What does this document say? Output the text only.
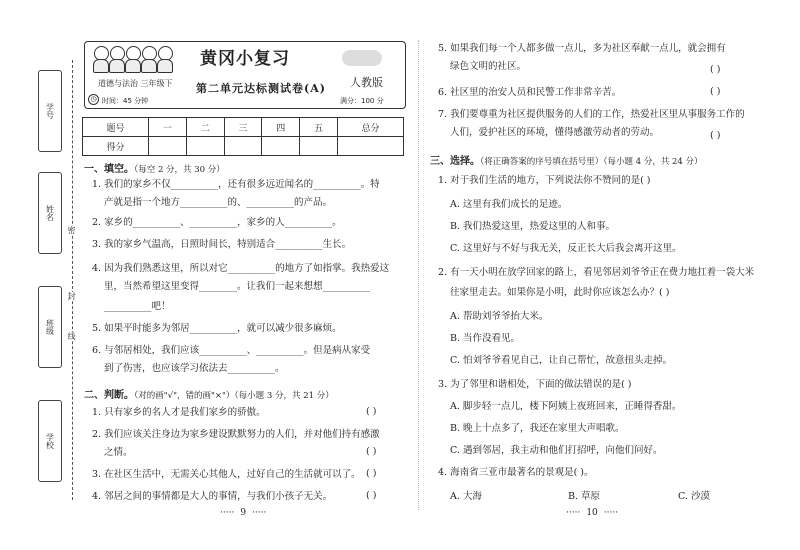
学号
姓名
班级
学校
密
封
线
黄冈小复习
道德与法治 三年级下 第二单元达标测试卷(A) 人教版
◷ 时间：45 分钟	满分：100 分
题号	一	二	三	四	五	总分
得分						
一、填空。（每空 2 分，共 30 分）
1. 我们的家乡不仅__________，还有很多远近闻名的__________。特
产就是指一个地方__________的、__________的产品。
2. 家乡的__________、__________，家乡的人__________。
3. 我的家乡气温高，日照时间长，特别适合__________生长。
4. 因为我们熟悉这里，所以对它__________的地方了如指掌。我热爱这
里，当然希望这里变得________。让我们一起来想想__________
__________吧！
5. 如果平时能多为邻居__________，就可以减少很多麻烦。
6. 与邻居相处，我们应该__________、__________。但是病从家受
到了伤害，也应该学习依法去__________。
二、判断。（对的画"√"，错的画"×"）（每小题 3 分，共 21 分）
1. 只有家乡的名人才是我们家乡的骄傲。	( )
2. 我们应该关注身边为家乡建设默默努力的人们，并对他们持有感激
之情。	( )
3. 在社区生活中，无需关心其他人，过好自己的生活就可以了。 ( )
4. 邻居之间的事情都是大人的事情，与我们小孩子无关。	( )
5. 如果我们每一个人都多做一点儿，多为社区奉献一点儿，就会拥有
绿色文明的社区。	( )
6. 社区里的治安人员和民警工作非常辛苦。	( )
7. 我们要尊重为社区提供服务的人们的工作，热爱社区里从事服务工作的
人们，爱护社区的环境，懂得感激劳动者的劳动。	( )
三、选择。（将正确答案的序号填在括号里）（每小题 4 分，共 24 分）
1. 对于我们生活的地方，下列说法你不赞同的是( )
A. 这里有我们成长的足迹。
B. 我们热爱这里，热爱这里的人和事。
C. 这里好与不好与我无关，反正长大后我会离开这里。
2. 有一天小明在放学回家的路上，看见邻居刘爷爷正在费力地扛着一袋大米
往家里走去。如果你是小明，此时你应该怎么办？( )
A. 帮助刘爷爷抬大米。
B. 当作没看见。
C. 怕刘爷爷看见自己，让自己帮忙，故意扭头走掉。
3. 为了邻里和谐相处，下面的做法错误的是( )
A. 脚步轻一点儿，楼下阿姨上夜班回来，正睡得香甜。
B. 晚上十点多了，我还在家里大声唱歌。
C. 遇到邻居，我主动和他们打招呼，向他们问好。
4. 海南省三亚市最著名的景观是( )。
A. 大海	B. 草原	C. 沙漠
····· 9 ·····	····· 10 ·····
